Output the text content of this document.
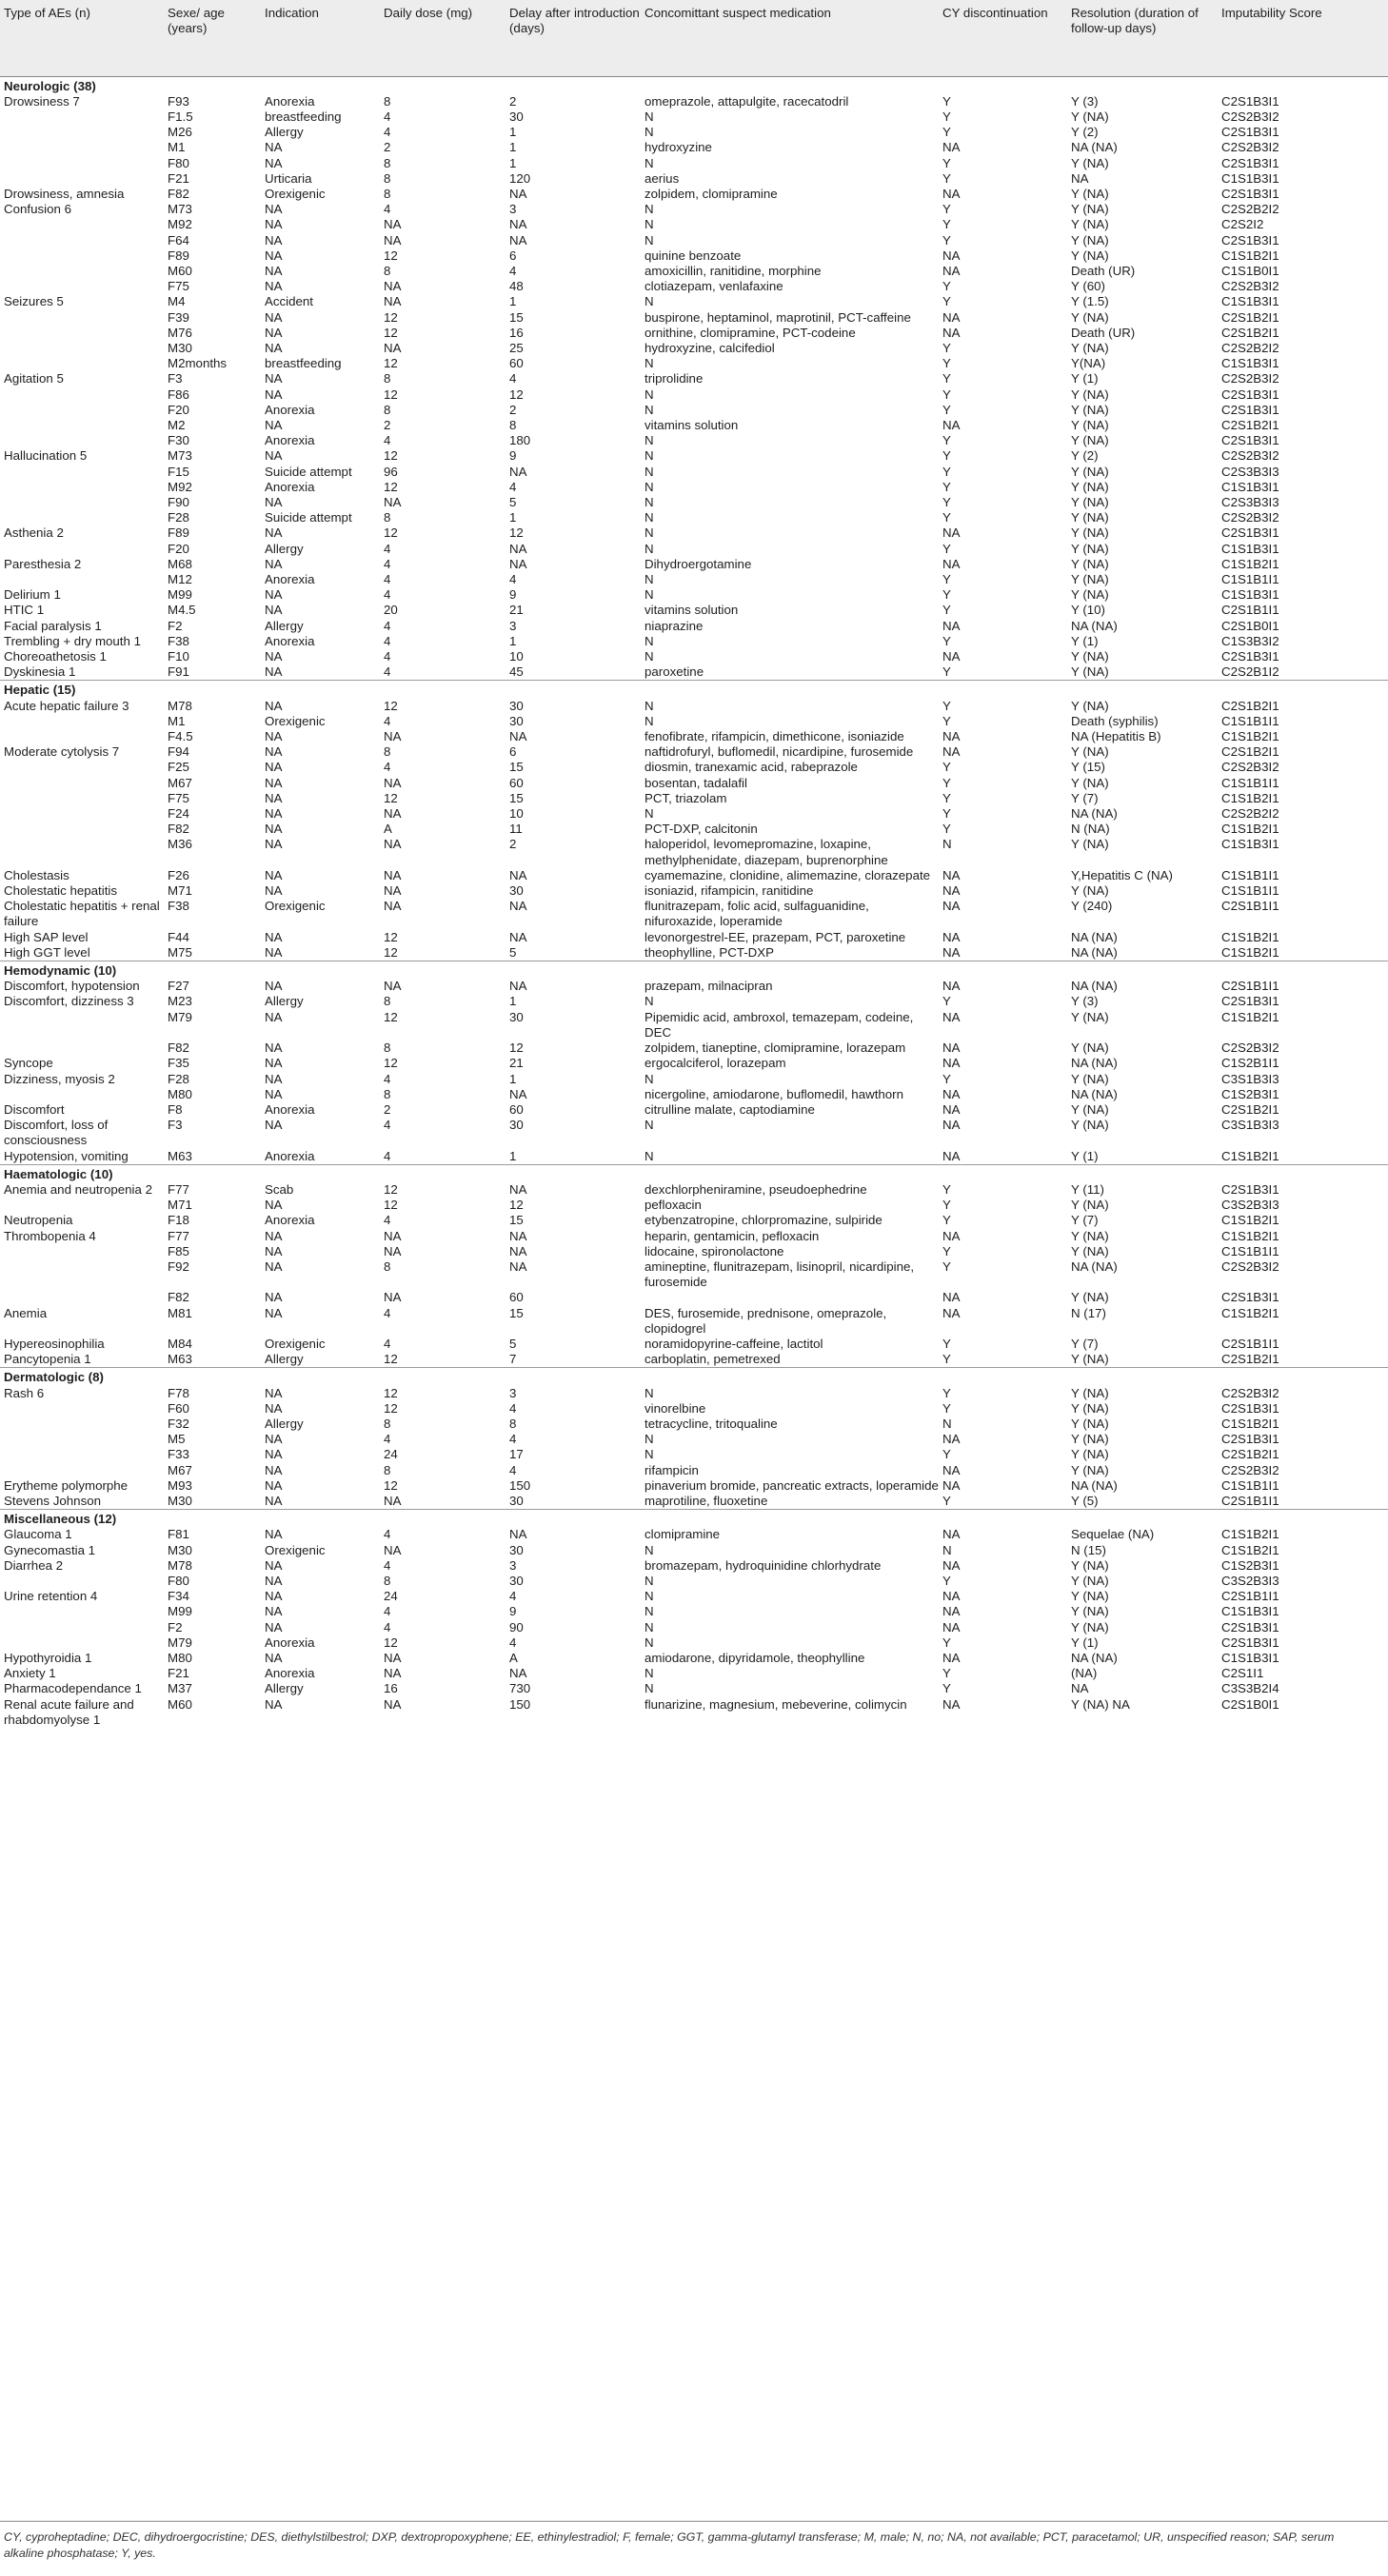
Type of AEs (n)	Sexe/ age (years)	Indication	Daily dose (mg)	Delay after introduction (days)	Concomittant suspect medication	CY discontinuation	Resolution (duration of follow-up days)	Imputability Score
Neurologic (38)								
Drowsiness 7	F93	Anorexia	8	2	omeprazole, attapulgite, racecatodril	Y	Y (3)	C2S1B3I1
	F1.5	breastfeeding	4	30	N	Y	Y (NA)	C2S2B3I2
	M26	Allergy	4	1	N	Y	Y (2)	C2S1B3I1
	M1	NA	2	1	hydroxyzine	NA	NA (NA)	C2S2B3I2
	F80	NA	8	1	N	Y	Y (NA)	C2S1B3I1
	F21	Urticaria	8	120	aerius	Y	NA	C1S1B3I1
Drowsiness, amnesia	F82	Orexigenic	8	NA	zolpidem, clomipramine	NA	Y (NA)	C2S1B3I1
Confusion 6	M73	NA	4	3	N	Y	Y (NA)	C2S2B2I2
	M92	NA	NA	NA	N	Y	Y (NA)	C2S2I2
	F64	NA	NA	NA	N	Y	Y (NA)	C2S1B3I1
	F89	NA	12	6	quinine benzoate	NA	Y (NA)	C1S1B2I1
	M60	NA	8	4	amoxicillin, ranitidine, morphine	NA	Death (UR)	C1S1B0I1
	F75	NA	NA	48	clotiazepam, venlafaxine	Y	Y (60)	C2S2B3I2
Seizures 5	M4	Accident	NA	1	N	Y	Y (1.5)	C1S1B3I1
	F39	NA	12	15	buspirone, heptaminol, maprotinil, PCT-caffeine	NA	Y (NA)	C2S1B2I1
	M76	NA	12	16	ornithine, clomipramine, PCT-codeine	NA	Death (UR)	C2S1B2I1
	M30	NA	NA	25	hydroxyzine, calcifediol	Y	Y (NA)	C2S2B2I2
	M2months	breastfeeding	12	60	N	Y	Y(NA)	C1S1B3I1
Agitation 5	F3	NA	8	4	triprolidine	Y	Y (1)	C2S2B3I2
	F86	NA	12	12	N	Y	Y (NA)	C2S1B3I1
	F20	Anorexia	8	2	N	Y	Y (NA)	C2S1B3I1
	M2	NA	2	8	vitamins solution	NA	Y (NA)	C2S1B2I1
	F30	Anorexia	4	180	N	Y	Y (NA)	C2S1B3I1
Hallucination 5	M73	NA	12	9	N	Y	Y (2)	C2S2B3I2
	F15	Suicide attempt	96	NA	N	Y	Y (NA)	C2S3B3I3
	M92	Anorexia	12	4	N	Y	Y (NA)	C1S1B3I1
	F90	NA	NA	5	N	Y	Y (NA)	C2S3B3I3
	F28	Suicide attempt	8	1	N	Y	Y (NA)	C2S2B3I2
Asthenia 2	F89	NA	12	12	N	NA	Y (NA)	C2S1B3I1
	F20	Allergy	4	NA	N	Y	Y (NA)	C1S1B3I1
Paresthesia 2	M68	NA	4	NA	Dihydroergotamine	NA	Y (NA)	C1S1B2I1
	M12	Anorexia	4	4	N	Y	Y (NA)	C1S1B1I1
Delirium 1	M99	NA	4	9	N	Y	Y (NA)	C1S1B3I1
HTIC 1	M4.5	NA	20	21	vitamins solution	Y	Y (10)	C2S1B1I1
Facial paralysis 1	F2	Allergy	4	3	niaprazine	NA	NA (NA)	C2S1B0I1
Trembling + dry mouth 1	F38	Anorexia	4	1	N	Y	Y (1)	C1S3B3I2
Choreoathetosis 1	F10	NA	4	10	N	NA	Y (NA)	C2S1B3I1
Dyskinesia 1	F91	NA	4	45	paroxetine	Y	Y (NA)	C2S2B1I2
Hepatic (15)								
Acute hepatic failure 3	M78	NA	12	30	N	Y	Y (NA)	C2S1B2I1
	M1	Orexigenic	4	30	N	Y	Death (syphilis)	C1S1B1I1
	F4.5	NA	NA	NA	fenofibrate, rifampicin, dimethicone, isoniazide	NA	NA (Hepatitis B)	C1S1B2I1
Moderate cytolysis 7	F94	NA	8	6	naftidrofuryl, buflomedil, nicardipine, furosemide	NA	Y (NA)	C2S1B2I1
	F25	NA	4	15	diosmin, tranexamic acid, rabeprazole	Y	Y (15)	C2S2B3I2
	M67	NA	NA	60	bosentan, tadalafil	Y	Y (NA)	C1S1B1I1
	F75	NA	12	15	PCT, triazolam	Y	Y (7)	C1S1B2I1
	F24	NA	NA	10	N	Y	NA (NA)	C2S2B2I2
	F82	NA	A	11	PCT-DXP, calcitonin	Y	N (NA)	C1S1B2I1
	M36	NA	NA	2	haloperidol, levomepromazine, loxapine, methylphenidate, diazepam, buprenorphine	N	Y (NA)	C1S1B3I1
Cholestasis	F26	NA	NA	NA	cyamemazine, clonidine, alimemazine, clorazepate	NA	Y,Hepatitis C (NA)	C1S1B1I1
Cholestatic hepatitis	M71	NA	NA	30	isoniazid, rifampicin, ranitidine	NA	Y (NA)	C1S1B1I1
Cholestatic hepatitis + renal failure	F38	Orexigenic	NA	NA	flunitrazepam, folic acid, sulfaguanidine, nifuroxazide, loperamide	NA	Y (240)	C2S1B1I1
High SAP level	F44	NA	12	NA	levonorgestrel-EE, prazepam, PCT, paroxetine	NA	NA (NA)	C1S1B2I1
High GGT level	M75	NA	12	5	theophylline, PCT-DXP	NA	NA (NA)	C1S1B2I1
Hemodynamic (10)								
Discomfort, hypotension	F27	NA	NA	NA	prazepam, milnacipran	NA	NA (NA)	C2S1B1I1
Discomfort, dizziness 3	M23	Allergy	8	1	N	Y	Y (3)	C2S1B3I1
	M79	NA	12	30	Pipemidic acid, ambroxol, temazepam, codeine, DEC	NA	Y (NA)	C1S1B2I1
	F82	NA	8	12	zolpidem, tianeptine, clomipramine, lorazepam	NA	Y (NA)	C2S2B3I2
Syncope	F35	NA	12	21	ergocalciferol, lorazepam	NA	NA (NA)	C1S2B1I1
Dizziness, myosis 2	F28	NA	4	1	N	Y	Y (NA)	C3S1B3I3
	M80	NA	8	NA	nicergoline, amiodarone, buflomedil, hawthorn	NA	NA (NA)	C1S2B3I1
Discomfort	F8	Anorexia	2	60	citrulline malate, captodiamine	NA	Y (NA)	C2S1B2I1
Discomfort, loss of consciousness	F3	NA	4	30	N	NA	Y (NA)	C3S1B3I3
Hypotension, vomiting	M63	Anorexia	4	1	N	NA	Y (1)	C1S1B2I1
Haematologic (10)								
Anemia and neutropenia 2	F77	Scab	12	NA	dexchlorpheniramine, pseudoephedrine	Y	Y (11)	C2S1B3I1
	M71	NA	12	12	pefloxacin	Y	Y (NA)	C3S2B3I3
Neutropenia	F18	Anorexia	4	15	etybenzatropine, chlorpromazine, sulpiride	Y	Y (7)	C1S1B2I1
Thrombopenia 4	F77	NA	NA	NA	heparin, gentamicin, pefloxacin	NA	Y (NA)	C1S1B2I1
	F85	NA	NA	NA	lidocaine, spironolactone	Y	Y (NA)	C1S1B1I1
	F92	NA	8	NA	amineptine, flunitrazepam, lisinopril, nicardipine, furosemide	Y	NA (NA)	C2S2B3I2
	F82	NA	NA	60		NA	Y (NA)	C2S1B3I1
Anemia	M81	NA	4	15	DES, furosemide, prednisone, omeprazole, clopidogrel	NA	N (17)	C1S1B2I1
Hypereosinophilia	M84	Orexigenic	4	5	noramidopyrine-caffeine, lactitol	Y	Y (7)	C2S1B1I1
Pancytopenia 1	M63	Allergy	12	7	carboplatin, pemetrexed	Y	Y (NA)	C2S1B2I1
Dermatologic (8)								
Rash 6	F78	NA	12	3	N	Y	Y (NA)	C2S2B3I2
	F60	NA	12	4	vinorelbine	Y	Y (NA)	C2S1B3I1
	F32	Allergy	8	8	tetracycline, tritoqualine	N	Y (NA)	C1S1B2I1
	M5	NA	4	4	N	NA	Y (NA)	C2S1B3I1
	F33	NA	24	17	N	Y	Y (NA)	C2S1B2I1
	M67	NA	8	4	rifampicin	NA	Y (NA)	C2S2B3I2
Erytheme polymorphe	M93	NA	12	150	pinaverium bromide, pancreatic extracts, loperamide	NA	NA (NA)	C1S1B1I1
Stevens Johnson	M30	NA	NA	30	maprotiline, fluoxetine	Y	Y (5)	C2S1B1I1
Miscellaneous (12)								
Glaucoma 1	F81	NA	4	NA	clomipramine	NA	Sequelae (NA)	C1S1B2I1
Gynecomastia 1	M30	Orexigenic	NA	30	N	N	N (15)	C1S1B2I1
Diarrhea 2	M78	NA	4	3	bromazepam, hydroquinidine chlorhydrate	NA	Y (NA)	C1S2B3I1
	F80	NA	8	30	N	Y	Y (NA)	C3S2B3I3
Urine retention 4	F34	NA	24	4	N	NA	Y (NA)	C2S1B1I1
	M99	NA	4	9	N	NA	Y (NA)	C1S1B3I1
	F2	NA	4	90	N	NA	Y (NA)	C2S1B3I1
	M79	Anorexia	12	4	N	Y	Y (1)	C2S1B3I1
Hypothyroidia 1	M80	NA	NA	A	amiodarone, dipyridamole, theophylline	NA	NA (NA)	C1S1B3I1
Anxiety 1	F21	Anorexia	NA	NA	N	Y	(NA)	C2S1I1
Pharmacodependance 1	M37	Allergy	16	730	N	Y	NA	C3S3B2I4
Renal acute failure and rhabdomyolyse 1	M60	NA	NA	150	flunarizine, magnesium, mebeverine, colimycin	NA	Y (NA) NA	C2S1B0I1
CY, cyproheptadine; DEC, dihydroergocristine; DES, diethylstilbestrol; DXP, dextropropoxyphene; EE, ethinylestradiol; F, female; GGT, gamma-glutamyl transferase; M, male; N, no; NA, not available; PCT, paracetamol; UR, unspecified reason; SAP, serum alkaline phosphatase; Y, yes.
